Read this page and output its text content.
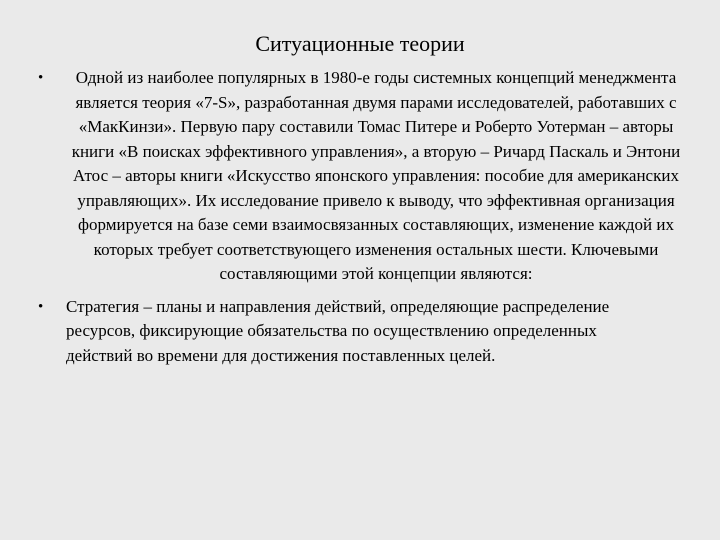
Ситуационные теории
•	Одной из наиболее популярных в 1980-е годы системных концепций менеджмента является теория «7-S», разработанная двумя парами исследователей, работавших с «МакКинзи». Первую пару составили Томас Питере и Роберто Уотерман – авторы книги «В поисках эффективного управления», а вторую – Ричард Паскаль и Энтони Атос – авторы книги «Искусство японского управления: пособие для американских управляющих». Их исследование привело к выводу, что эффективная организация формируется на базе семи взаимосвязанных составляющих, изменение каждой их которых требует соответствующего изменения остальных шести. Ключевыми составляющими этой концепции являются:
• Стратегия – планы и направления действий, определяющие распределение ресурсов, фиксирующие обязательства по осуществлению определенных действий во времени для достижения поставленных целей.
